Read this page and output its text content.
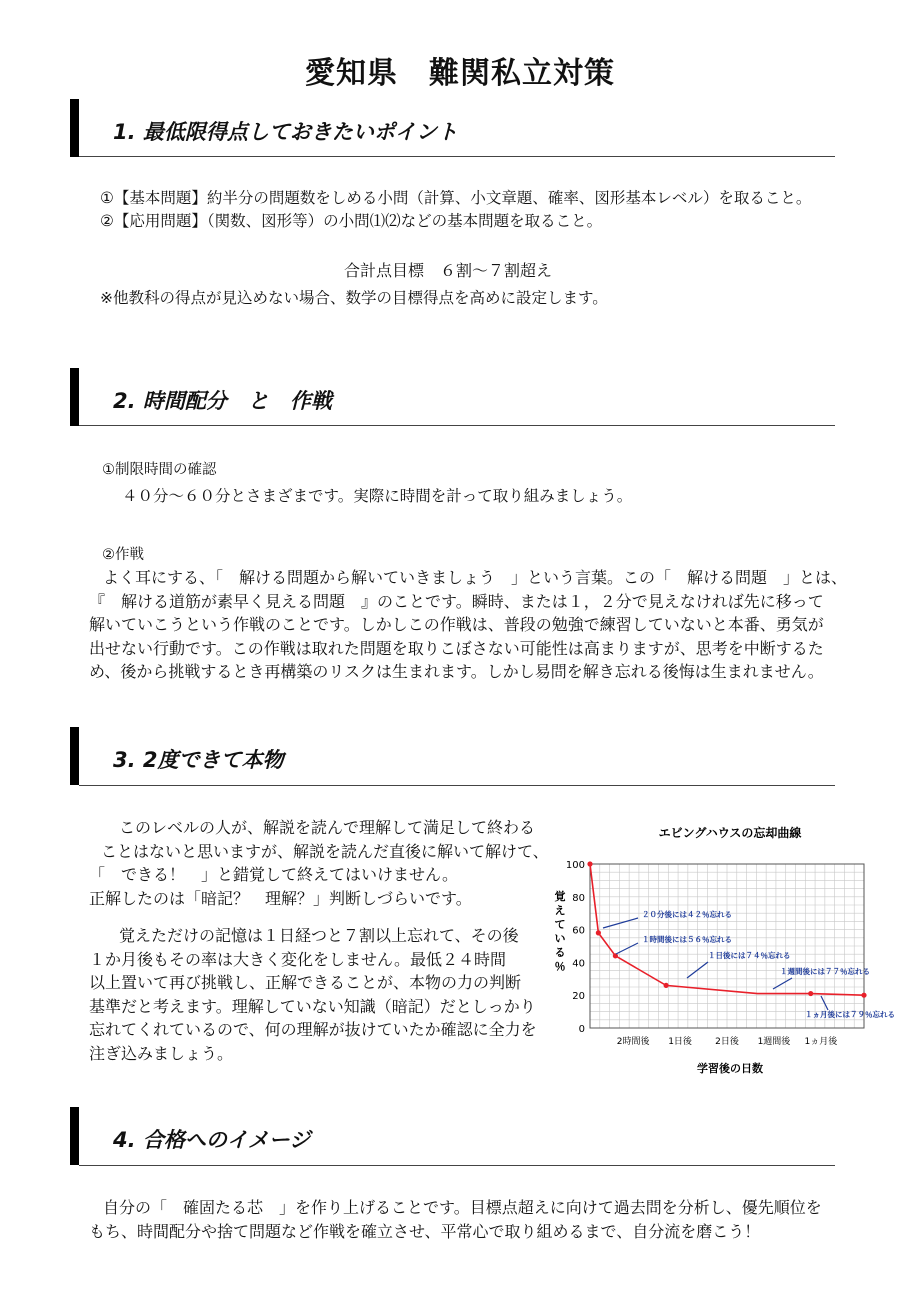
愛知県　難関私立対策
1. 最低限得点しておきたいポイント
①【基本問題】約半分の問題数をしめる小問（計算、小文章題、確率、図形基本レベル）を取ること。
②【応用問題】（関数、図形等）の小問⑴⑵などの基本問題を取ること。
合計点目標　６割～７割超え
※他教科の得点が見込めない場合、数学の目標得点を高めに設定します。
2. 時間配分　と　作戦
①制限時間の確認
４０分～６０分とさまざまです。実際に時間を計って取り組みましょう。
②作戦
よく耳にする、「　解ける問題から解いていきましょう　」という言葉。この「　解ける問題　」とは、
『　解ける道筋が素早く見える問題　』のことです。瞬時、または１，２分で見えなければ先に移って
解いていこうという作戦のことです。しかしこの作戦は、普段の勉強で練習していないと本番、勇気が
出せない行動です。この作戦は取れた問題を取りこぼさない可能性は高まりますが、思考を中断するた
め、後から挑戦するとき再構築のリスクは生まれます。しかし易問を解き忘れる後悔は生まれません。
3. 2度できて本物
このレベルの人が、解説を読んで理解して満足して終わる
ことはないと思いますが、解説を読んだ直後に解いて解けて、
「　できる！　」と錯覚して終えてはいけません。
正解したのは「暗記？　理解？」判断しづらいです。
覚えただけの記憶は１日経つと７割以上忘れて、その後
１か月後もその率は大きく変化をしません。最低２４時間
以上置いて再び挑戦し、正解できることが、本物の力の判断
基準だと考えます。理解していない知識（暗記）だとしっかり
忘れてくれているので、何の理解が抜けていたか確認に全力を
注ぎ込みましょう。
エビングハウスの忘却曲線
0
20
40
60
80
100
2時間後 1日後	2日後 1週間後 1ヵ月後
２０分後には４２％忘れる
１時間後には５６％忘れる
１日後には７４％忘れる
１週間後には７７％忘れる
１ヵ月後には７９％忘れる
学習後の日数
覚
え
て
い
る
％
4. 合格へのイメージ
自分の「　確固たる芯　」を作り上げることです。目標点超えに向けて過去問を分析し、優先順位を
もち、時間配分や捨て問題など作戦を確立させ、平常心で取り組めるまで、自分流を磨こう！
